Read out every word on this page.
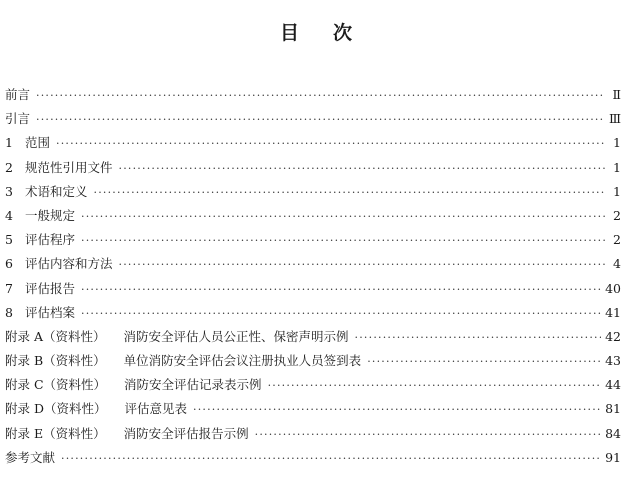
目 次
前言 ·····	Ⅱ
引言 ·····	Ⅲ
1 范围 ·····	1
2 规范性引用文件 ·····	1
3 术语和定义 ·····	1
4 一般规定 ·····	2
5 评估程序 ·····	2
6 评估内容和方法 ·····	4
7 评估报告 ·····	40
8 评估档案 ·····	41
附录 A（资料性） 消防安全评估人员公正性、保密声明示例 ·····	42
附录 B（资料性） 单位消防安全评估会议注册执业人员签到表 ·····	43
附录 C（资料性） 消防安全评估记录表示例 ·····	44
附录 D（资料性） 评估意见表 ·····	81
附录 E（资料性） 消防安全评估报告示例 ·····	84
参考文献 ·····	91
